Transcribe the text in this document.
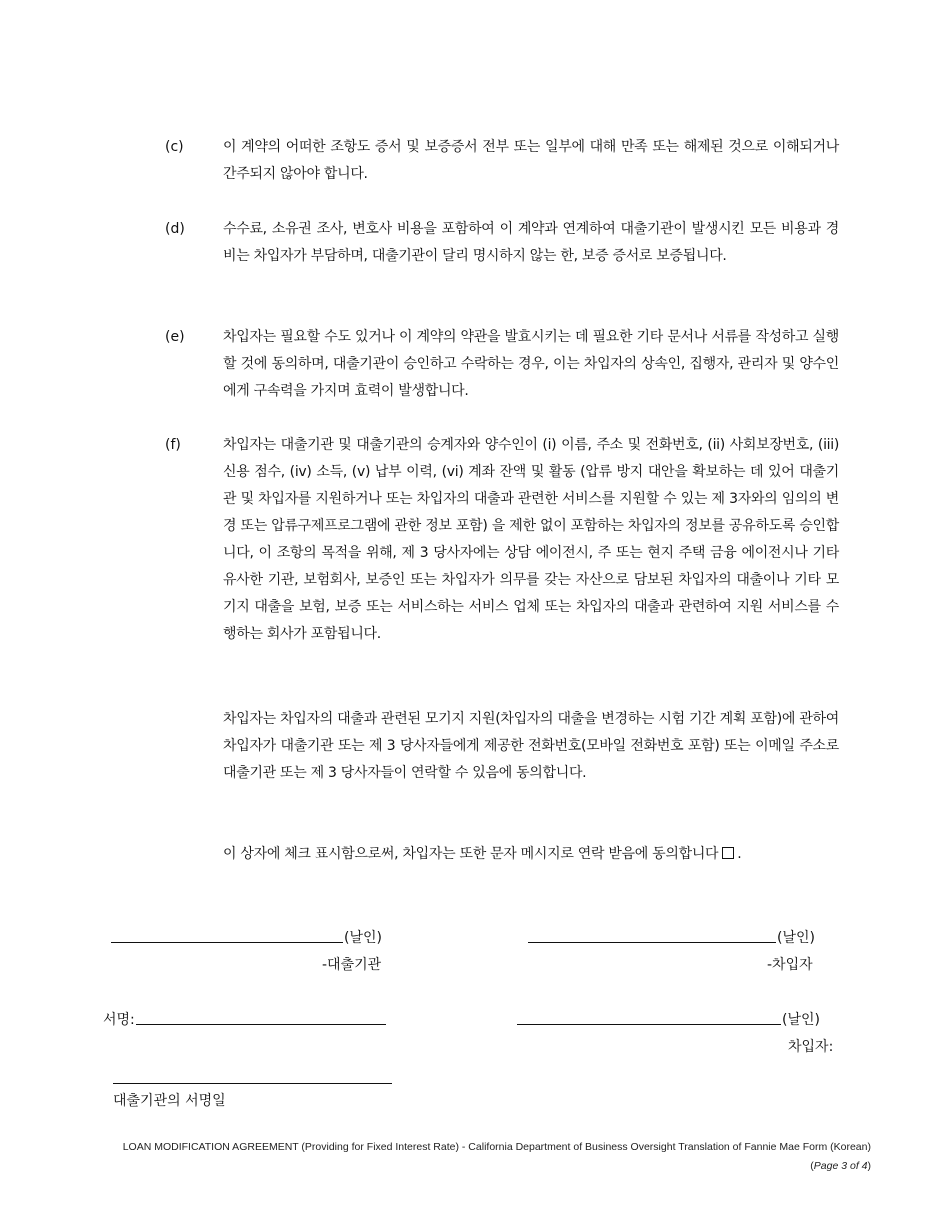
(c)	이 계약의 어떠한 조항도 증서 및 보증증서 전부 또는 일부에 대해 만족 또는 해제된 것으로 이해되거나 간주되지 않아야 합니다.
(d)	수수료, 소유권 조사, 변호사 비용을 포함하여 이 계약과 연계하여 대출기관이 발생시킨 모든 비용과 경비는 차입자가 부담하며, 대출기관이 달리 명시하지 않는 한, 보증 증서로 보증됩니다.
(e)	차입자는 필요할 수도 있거나 이 계약의 약관을 발효시키는 데 필요한 기타 문서나 서류를 작성하고 실행할 것에 동의하며, 대출기관이 승인하고 수락하는 경우, 이는 차입자의 상속인, 집행자, 관리자 및 양수인에게 구속력을 가지며 효력이 발생합니다.
(f)	차입자는 대출기관 및 대출기관의 승계자와 양수인이 (i) 이름, 주소 및 전화번호, (ii) 사회보장번호, (iii) 신용 점수, (iv) 소득, (v) 납부 이력, (vi) 계좌 잔액 및 활동 (압류 방지 대안을 확보하는 데 있어 대출기관 및 차입자를 지원하거나 또는 차입자의 대출과 관련한 서비스를 지원할 수 있는 제 3자와의 임의의 변경 또는 압류구제프로그램에 관한 정보 포함) 을 제한 없이 포함하는 차입자의 정보를 공유하도록 승인합니다, 이 조항의 목적을 위해, 제 3 당사자에는 상담 에이전시, 주 또는 현지 주택 금융 에이전시나 기타 유사한 기관, 보험회사, 보증인 또는 차입자가 의무를 갖는 자산으로 담보된 차입자의 대출이나 기타 모기지 대출을 보험, 보증 또는 서비스하는 서비스 업체 또는 차입자의 대출과 관련하여 지원 서비스를 수행하는 회사가 포함됩니다.
차입자는 차입자의 대출과 관련된 모기지 지원(차입자의 대출을 변경하는 시험 기간 계획 포함)에 관하여 차입자가 대출기관 또는 제 3 당사자들에게 제공한 전화번호(모바일 전화번호 포함) 또는 이메일 주소로 대출기관 또는 제 3 당사자들이 연락할 수 있음에 동의합니다.
이 상자에 체크 표시함으로써, 차입자는 또한 문자 메시지로 연락 받음에 동의합니다 .
(날인)
-대출기관
(날인)
-차입자
서명:	(날인)
차입자:
대출기관의 서명일
LOAN MODIFICATION AGREEMENT (Providing for Fixed Interest Rate) - California Department of Business Oversight Translation of Fannie Mae Form (Korean)
(Page 3 of 4)
